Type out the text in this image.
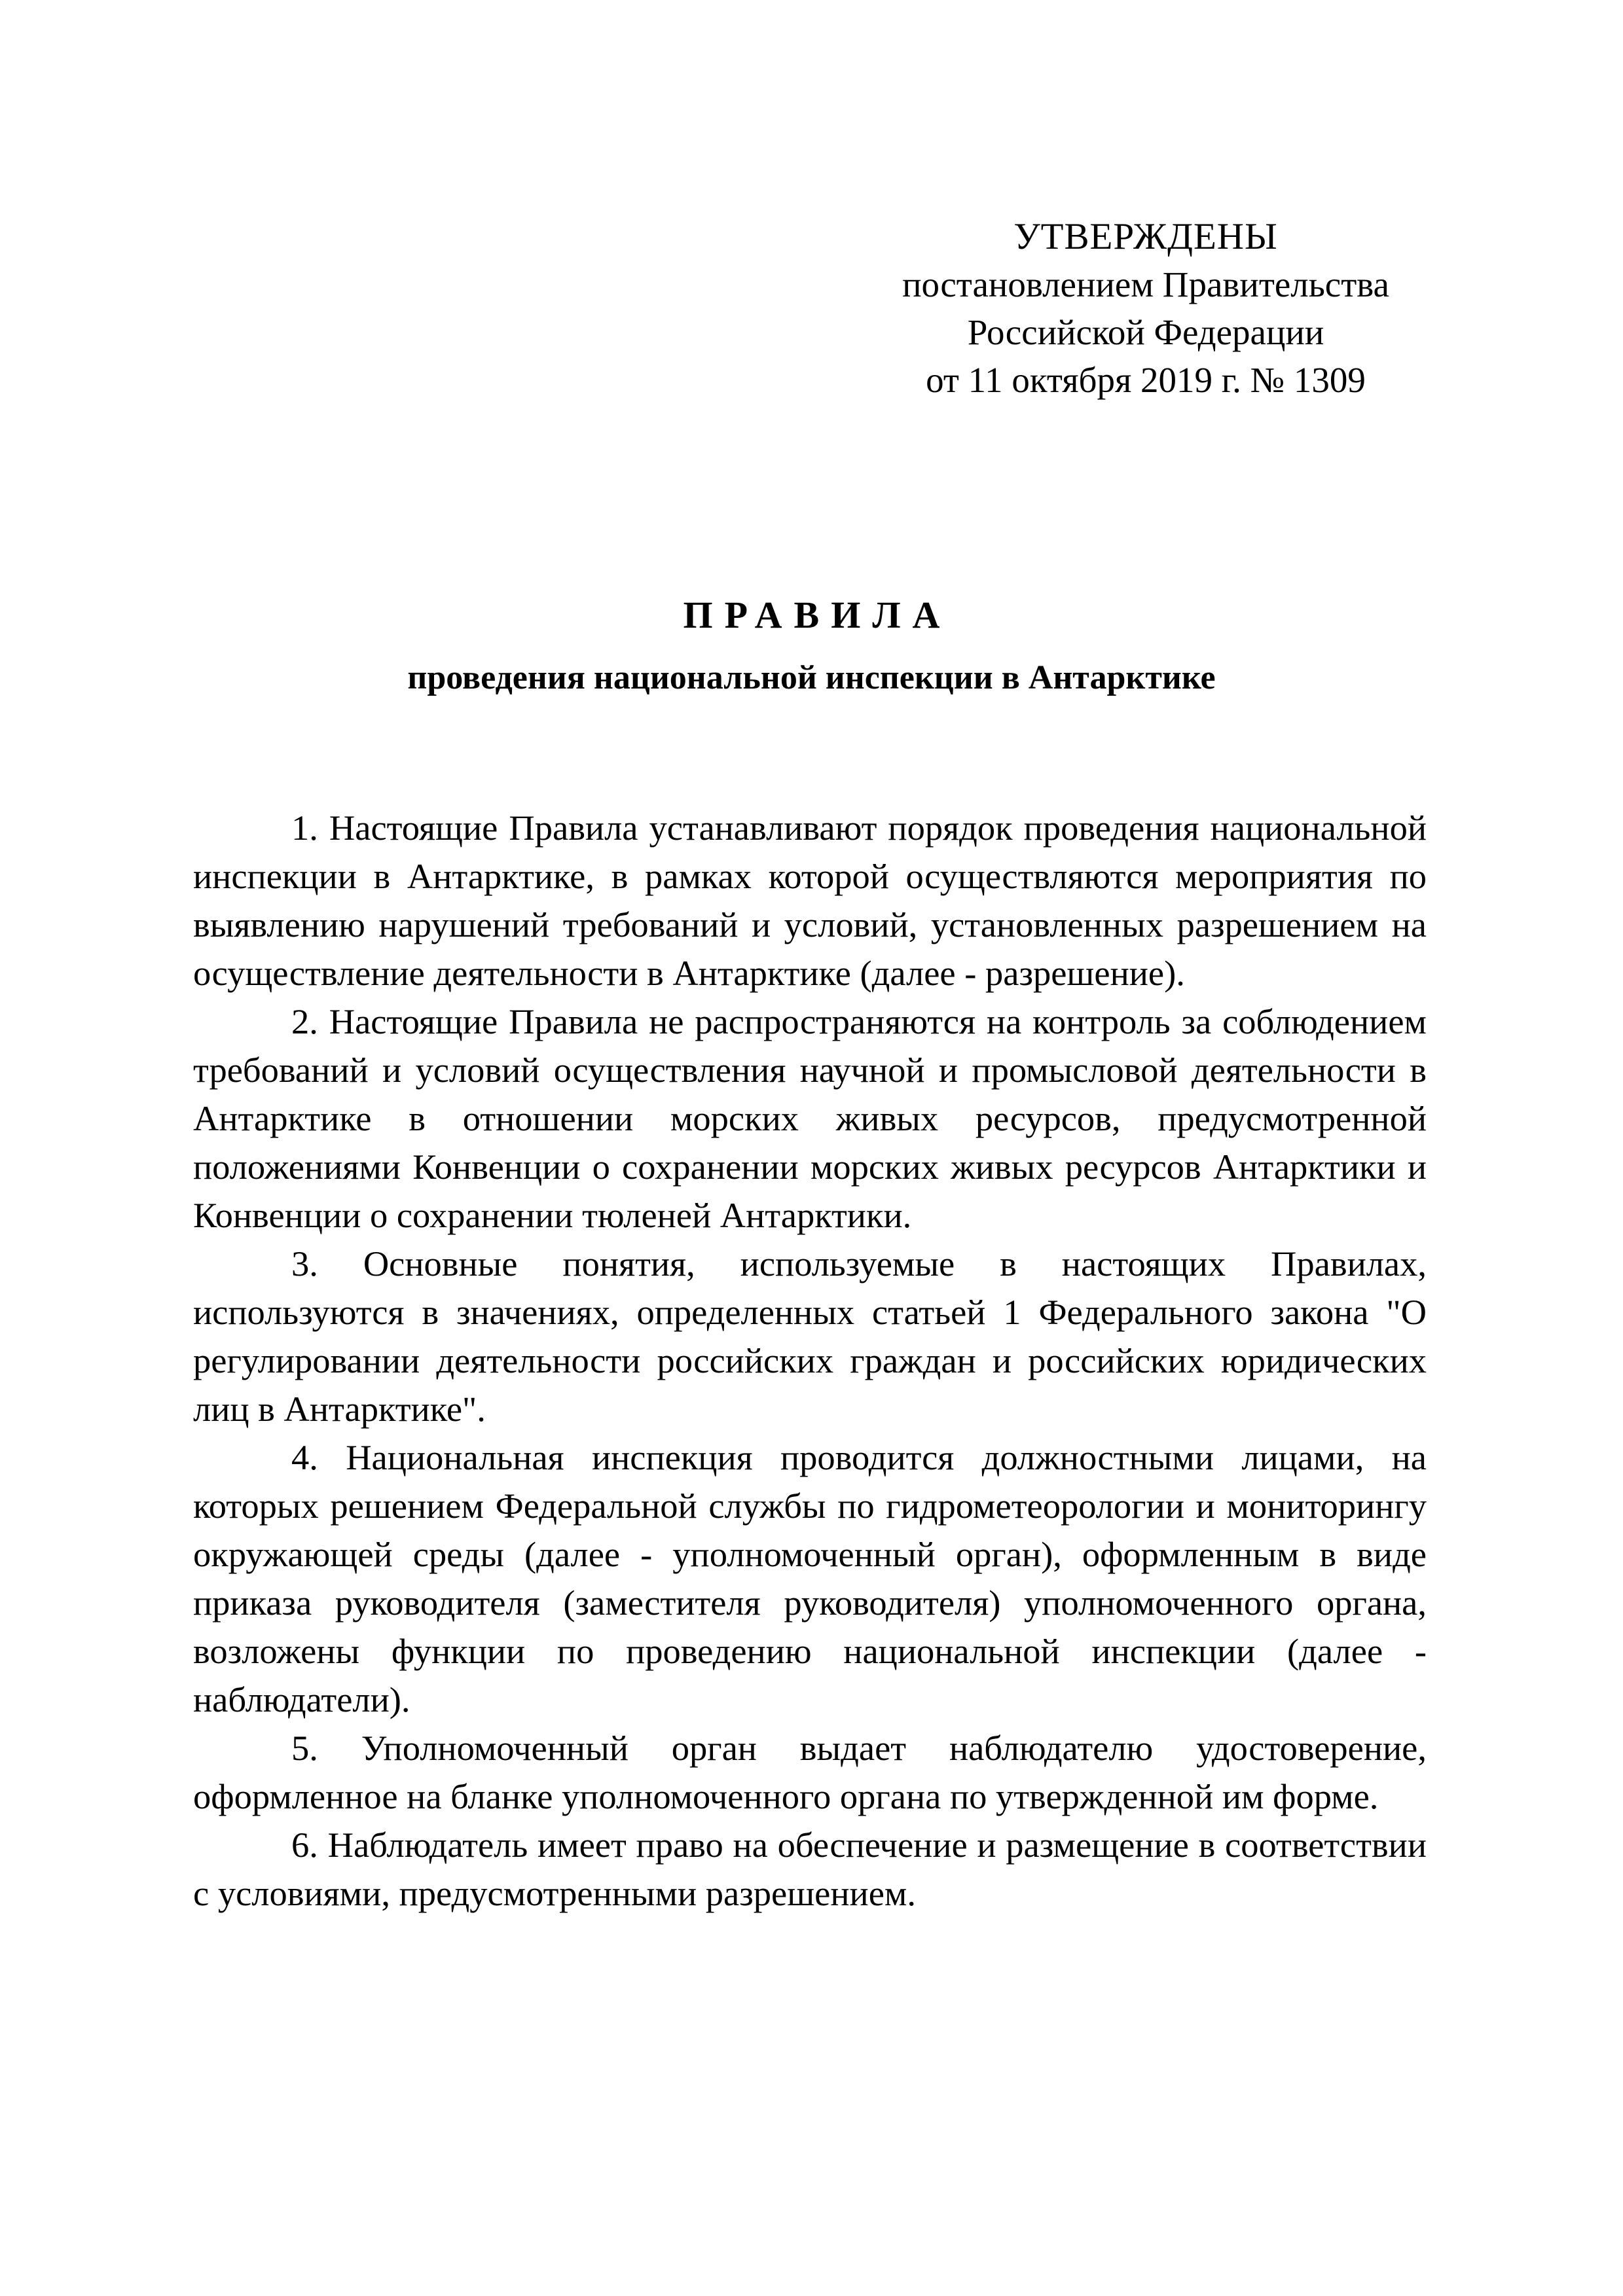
УТВЕРЖДЕНЫ
постановлением Правительства
Российской Федерации
от 11 октября 2019 г. № 1309
ПРАВИЛА
проведения национальной инспекции в Антарктике

1. Настоящие Правила устанавливают порядок проведения национальной инспекции в Антарктике, в рамках которой осуществляются мероприятия по выявлению нарушений требований и условий, установленных разрешением на осуществление деятельности в Антарктике (далее - разрешение).

2. Настоящие Правила не распространяются на контроль за соблюдением требований и условий осуществления научной и промысловой деятельности в Антарктике в отношении морских живых ресурсов, предусмотренной положениями Конвенции о сохранении морских живых ресурсов Антарктики и Конвенции о сохранении тюленей Антарктики.

3. Основные понятия, используемые в настоящих Правилах, используются в значениях, определенных статьей 1 Федерального закона "О регулировании деятельности российских граждан и российских юридических лиц в Антарктике".

4. Национальная инспекция проводится должностными лицами, на которых решением Федеральной службы по гидрометеорологии и мониторингу окружающей среды (далее - уполномоченный орган), оформленным в виде приказа руководителя (заместителя руководителя) уполномоченного органа, возложены функции по проведению национальной инспекции (далее - наблюдатели).

5. Уполномоченный орган выдает наблюдателю удостоверение, оформленное на бланке уполномоченного органа по утвержденной им форме.

6. Наблюдатель имеет право на обеспечение и размещение в соответствии с условиями, предусмотренными разрешением.
